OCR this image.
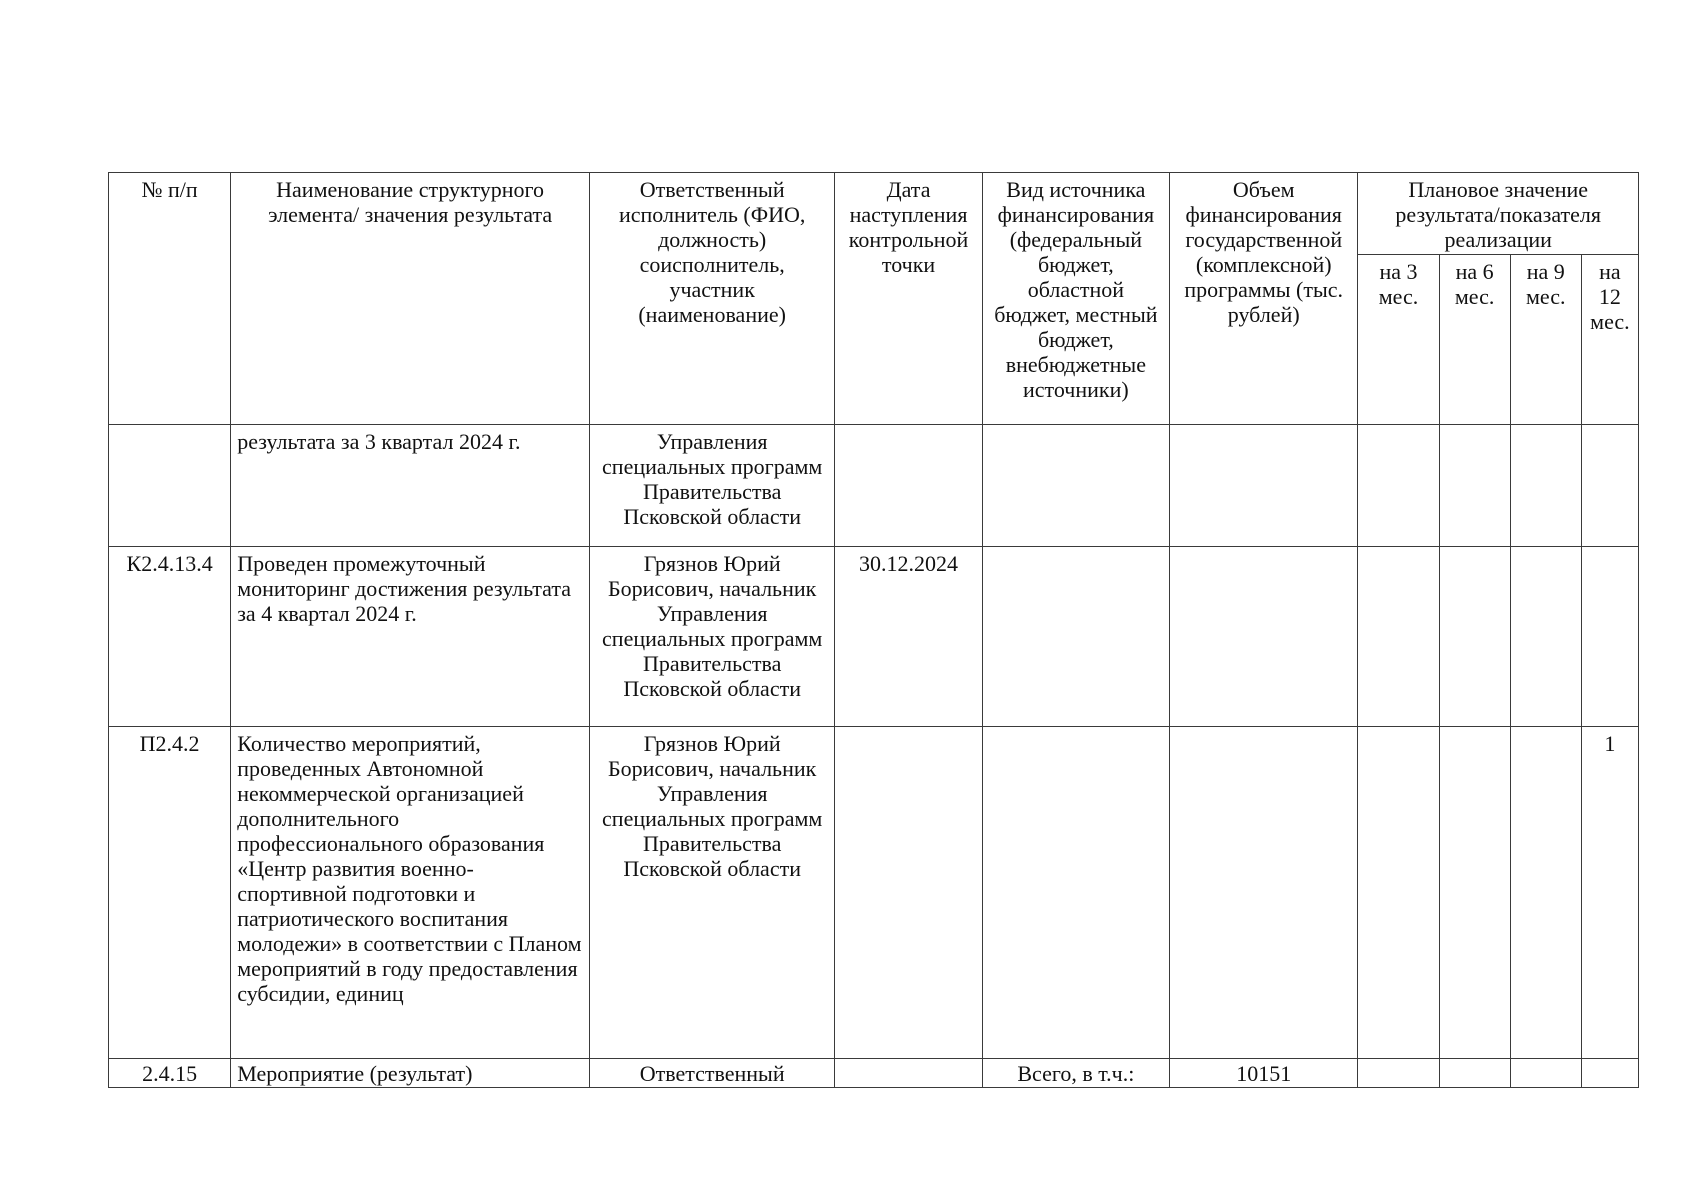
№ п/п	Наименование структурного элемента/ значения результата	Ответственный исполнитель (ФИО, должность) соисполнитель, участник (наименование)	Дата наступления контрольной точки	Вид источника финансирования (федеральный бюджет, областной бюджет, местный бюджет, внебюджетные источники)	Объем финансирования государственной (комплексной) программы (тыс. рублей)	Плановое значение результата/показателя реализации			
						на 3 мес.	на 6 мес.	на 9 мес.	на 12 мес.
	результата за 3 квартал 2024 г.	Управления специальных программ Правительства Псковской области							
К2.4.13.4	Проведен промежуточный мониторинг достижения результата за 4 квартал 2024 г.	Грязнов Юрий Борисович, начальник Управления специальных программ Правительства Псковской области	30.12.2024						
П2.4.2	Количество мероприятий, проведенных Автономной некоммерческой организацией дополнительного профессионального образования «Центр развития военно-спортивной подготовки и патриотического воспитания молодежи» в соответствии с Планом мероприятий в году предоставления субсидии, единиц	Грязнов Юрий Борисович, начальник Управления специальных программ Правительства Псковской области							1
2.4.15	Мероприятие (результат)	Ответственный		Всего, в т.ч.:	10151				
